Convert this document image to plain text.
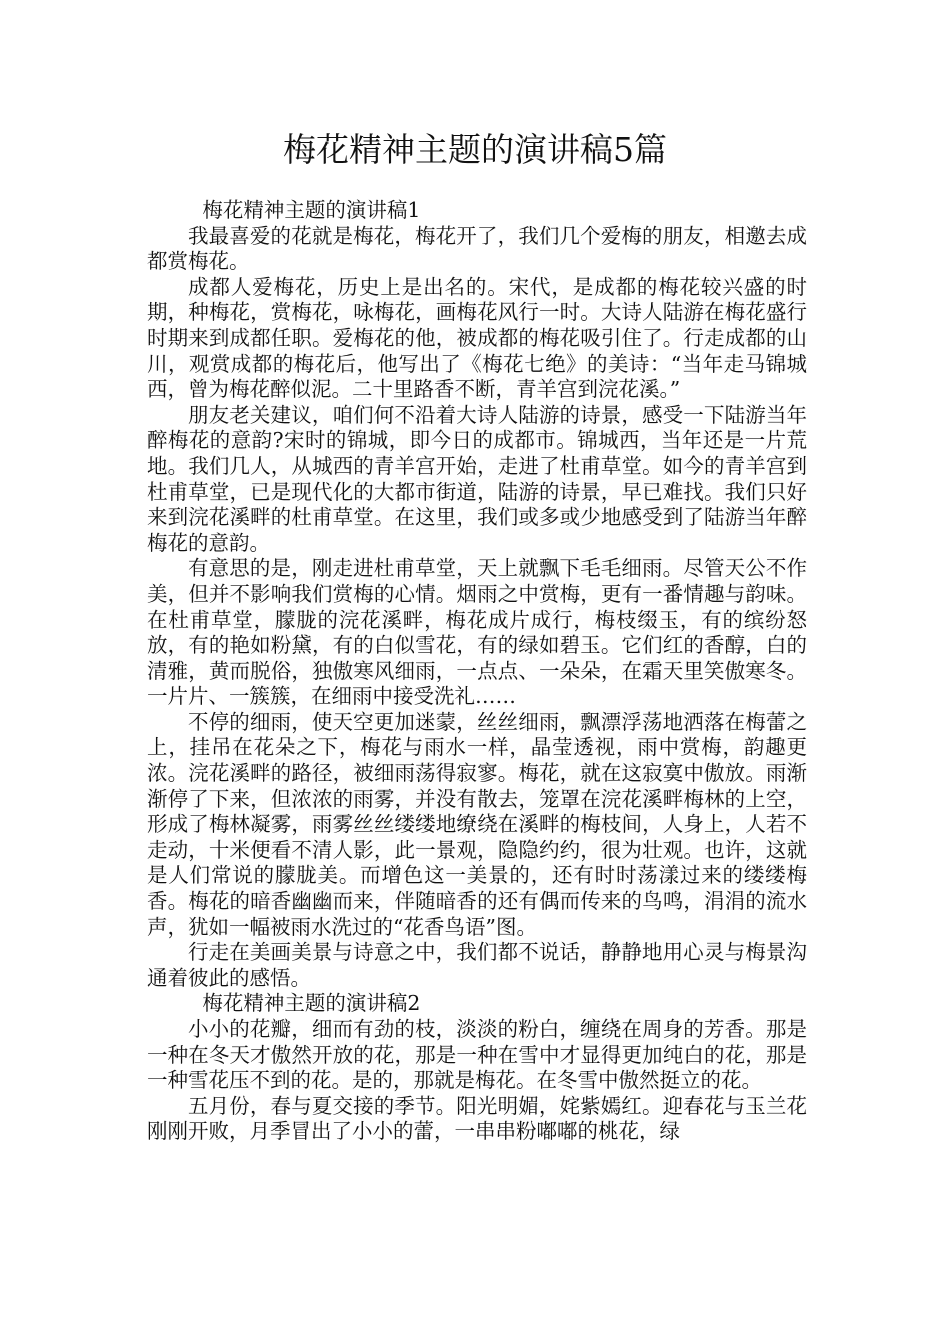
梅花精神主题的演讲稿5篇

梅花精神主题的演讲稿1

我最喜爱的花就是梅花，梅花开了，我们几个爱梅的朋友，相邀去成都赏梅花。

成都人爱梅花，历史上是出名的。宋代，是成都的梅花较兴盛的时期，种梅花，赏梅花，咏梅花，画梅花风行一时。大诗人陆游在梅花盛行时期来到成都任职。爱梅花的他，被成都的梅花吸引住了。行走成都的山川，观赏成都的梅花后，他写出了《梅花七绝》的美诗：“当年走马锦城西，曾为梅花醉似泥。二十里路香不断，青羊宫到浣花溪。”

朋友老关建议，咱们何不沿着大诗人陆游的诗景，感受一下陆游当年醉梅花的意韵?宋时的锦城，即今日的成都市。锦城西，当年还是一片荒地。我们几人，从城西的青羊宫开始，走进了杜甫草堂。如今的青羊宫到杜甫草堂，已是现代化的大都市街道，陆游的诗景，早已难找。我们只好来到浣花溪畔的杜甫草堂。在这里，我们或多或少地感受到了陆游当年醉梅花的意韵。

有意思的是，刚走进杜甫草堂，天上就飘下毛毛细雨。尽管天公不作美，但并不影响我们赏梅的心情。烟雨之中赏梅，更有一番情趣与韵味。在杜甫草堂，朦胧的浣花溪畔，梅花成片成行，梅枝缀玉，有的缤纷怒放，有的艳如粉黛，有的白似雪花，有的绿如碧玉。它们红的香醇，白的清雅，黄而脱俗，独傲寒风细雨，一点点、一朵朵，在霜天里笑傲寒冬。一片片、一簇簇，在细雨中接受洗礼……

不停的细雨，使天空更加迷蒙，丝丝细雨，飘漂浮荡地洒落在梅蕾之上，挂吊在花朵之下，梅花与雨水一样，晶莹透视，雨中赏梅，韵趣更浓。浣花溪畔的路径，被细雨荡得寂寥。梅花，就在这寂寞中傲放。雨渐渐停了下来，但浓浓的雨雾，并没有散去，笼罩在浣花溪畔梅林的上空，形成了梅林凝雾，雨雾丝丝缕缕地缭绕在溪畔的梅枝间，人身上，人若不走动，十米便看不清人影，此一景观，隐隐约约，很为壮观。也许，这就是人们常说的朦胧美。而增色这一美景的，还有时时荡漾过来的缕缕梅香。梅花的暗香幽幽而来，伴随暗香的还有偶而传来的鸟鸣，涓涓的流水声，犹如一幅被雨水洗过的“花香鸟语”图。

行走在美画美景与诗意之中，我们都不说话，静静地用心灵与梅景沟通着彼此的感悟。

梅花精神主题的演讲稿2

小小的花瓣，细而有劲的枝，淡淡的粉白，缠绕在周身的芳香。那是一种在冬天才傲然开放的花，那是一种在雪中才显得更加纯白的花，那是一种雪花压不到的花。是的，那就是梅花。在冬雪中傲然挺立的花。

五月份，春与夏交接的季节。阳光明媚，姹紫嫣红。迎春花与玉兰花刚刚开败，月季冒出了小小的蕾，一串串粉嘟嘟的桃花，绿
